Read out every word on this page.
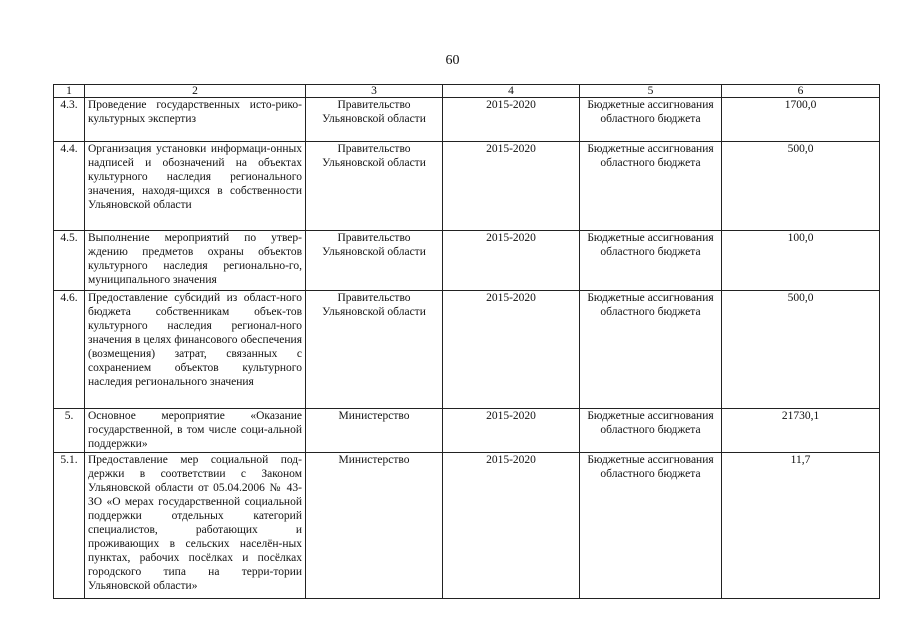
60
1	2	3	4	5	6
4.3.	Проведение государственных исто-рико-культурных экспертиз	Правительство Ульяновской области	2015-2020	Бюджетные ассигнования областного бюджета	1700,0
4.4.	Организация установки информаци-онных надписей и обозначений на объектах культурного наследия регионального значения, находя-щихся в собственности Ульяновской области	Правительство Ульяновской области	2015-2020	Бюджетные ассигнования областного бюджета	500,0
4.5.	Выполнение мероприятий по утвер-ждению предметов охраны объектов культурного наследия регионально-го, муниципального значения	Правительство Ульяновской области	2015-2020	Бюджетные ассигнования областного бюджета	100,0
4.6.	Предоставление субсидий из област-ного бюджета собственникам объек-тов культурного наследия регионал-ного значения в целях финансового обеспечения (возмещения) затрат, связанных с сохранением объектов культурного наследия регионального значения	Правительство Ульяновской области	2015-2020	Бюджетные ассигнования областного бюджета	500,0
5.	Основное мероприятие «Оказание государственной, в том числе соци-альной поддержки»	Министерство	2015-2020	Бюджетные ассигнования областного бюджета	21730,1
5.1.	Предоставление мер социальной под-держки в соответствии с Законом Ульяновской области от 05.04.2006 № 43-ЗО «О мерах государственной социальной поддержки отдельных категорий специалистов, работающих и проживающих в сельских населён-ных пунктах, рабочих посёлках и посёлках городского типа на терри-тории Ульяновской области»	Министерство	2015-2020	Бюджетные ассигнования областного бюджета	11,7
